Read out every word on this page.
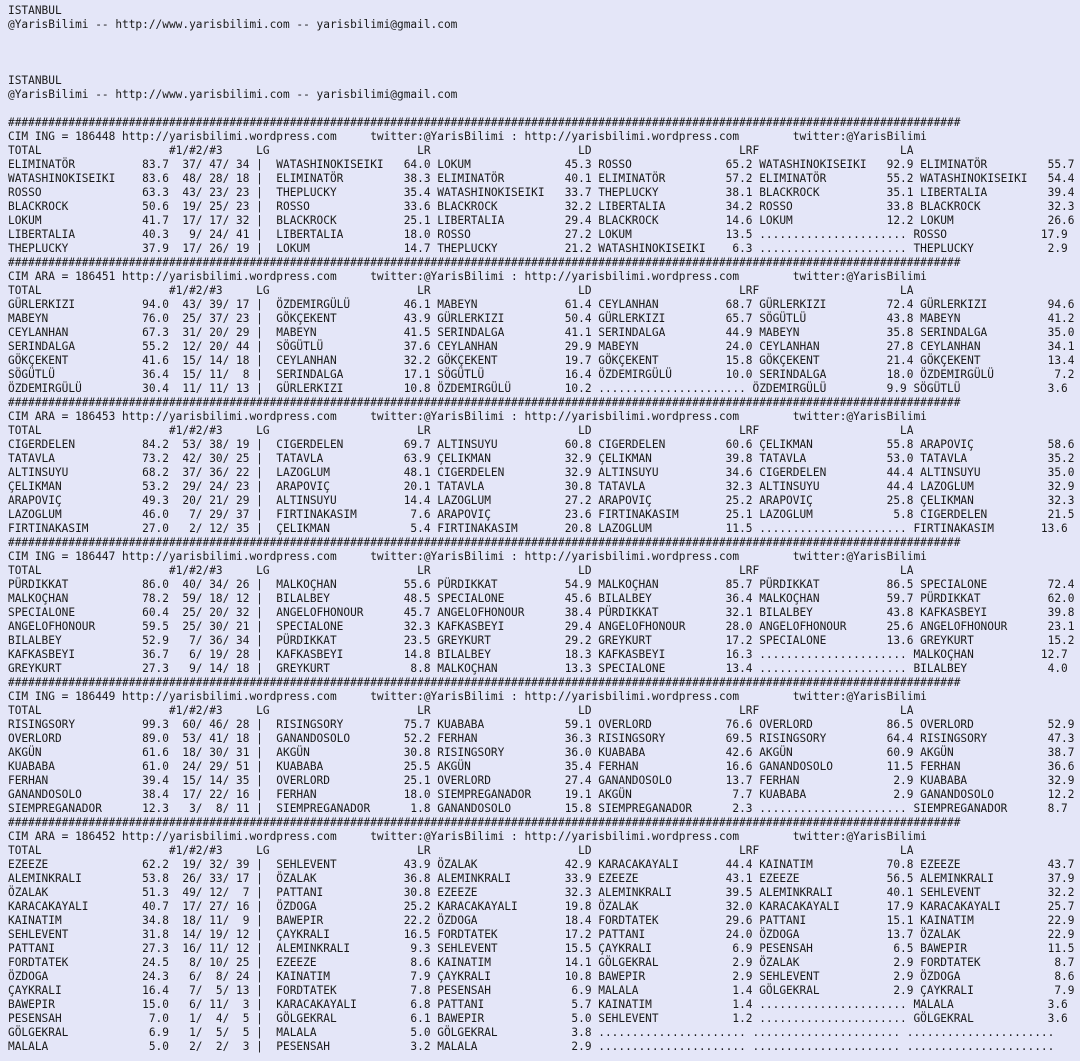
ISTANBUL
@YarisBilimi -- http://www.yarisbilimi.com -- yarisbilimi@gmail.com
ISTANBUL
@YarisBilimi -- http://www.yarisbilimi.com -- yarisbilimi@gmail.com
##############################################################################################################################################
CIM ING = 186448 http://yarisbilimi.wordpress.com     twitter:@YarisBilimi : http://yarisbilimi.wordpress.com        twitter:@YarisBilimi
TOTAL                   #1/#2/#3     LG                      LR                      LD                      LRF                     LA
ELIMINATÖR          83.7  37/ 47/ 34 |  WATASHINOKISEIKI   64.0 LOKUM              45.3 ROSSO              65.2 WATASHINOKISEIKI   92.9 ELIMINATÖR         55.7
WATASHINOKISEIKI    83.6  48/ 28/ 18 |  ELIMINATÖR         38.3 ELIMINATÖR         40.1 ELIMINATÖR         57.2 ELIMINATÖR         55.2 WATASHINOKISEIKI   54.4
ROSSO               63.3  43/ 23/ 23 |  THEPLUCKY          35.4 WATASHINOKISEIKI   33.7 THEPLUCKY          38.1 BLACKROCK          35.1 LIBERTALIA         39.4
BLACKROCK           50.6  19/ 25/ 23 |  ROSSO              33.6 BLACKROCK          32.2 LIBERTALIA         34.2 ROSSO              33.8 BLACKROCK          32.3
LOKUM               41.7  17/ 17/ 32 |  BLACKROCK          25.1 LIBERTALIA         29.4 BLACKROCK          14.6 LOKUM              12.2 LOKUM              26.6
LIBERTALIA          40.3   9/ 24/ 41 |  LIBERTALIA         18.0 ROSSO              27.2 LOKUM              13.5 ...................... ROSSO              17.9
THEPLUCKY           37.9  17/ 26/ 19 |  LOKUM              14.7 THEPLUCKY          21.2 WATASHINOKISEIKI    6.3 ...................... THEPLUCKY           2.9
##############################################################################################################################################
CIM ARA = 186451 http://yarisbilimi.wordpress.com     twitter:@YarisBilimi : http://yarisbilimi.wordpress.com        twitter:@YarisBilimi
TOTAL                   #1/#2/#3     LG                      LR                      LD                      LRF                     LA
GÜRLERKIZI          94.0  43/ 39/ 17 |  ÖZDEMIRGÜLÜ        46.1 MABEYN             61.4 CEYLANHAN          68.7 GÜRLERKIZI         72.4 GÜRLERKIZI         94.6
MABEYN              76.0  25/ 37/ 23 |  GÖKÇEKENT          43.9 GÜRLERKIZI         50.4 GÜRLERKIZI         65.7 SÖGÜTLÜ            43.8 MABEYN             41.2
CEYLANHAN           67.3  31/ 20/ 29 |  MABEYN             41.5 SERINDALGA         41.1 SERINDALGA         44.9 MABEYN             35.8 SERINDALGA         35.0
SERINDALGA          55.2  12/ 20/ 44 |  SÖGÜTLÜ            37.6 CEYLANHAN          29.9 MABEYN             24.0 CEYLANHAN          27.8 CEYLANHAN          34.1
GÖKÇEKENT           41.6  15/ 14/ 18 |  CEYLANHAN          32.2 GÖKÇEKENT          19.7 GÖKÇEKENT          15.8 GÖKÇEKENT          21.4 GÖKÇEKENT          13.4
SÖGÜTLÜ             36.4  15/ 11/  8 |  SERINDALGA         17.1 SÖGÜTLÜ            16.4 ÖZDEMIRGÜLÜ        10.0 SERINDALGA         18.0 ÖZDEMIRGÜLÜ         7.2
ÖZDEMIRGÜLÜ         30.4  11/ 11/ 13 |  GÜRLERKIZI         10.8 ÖZDEMIRGÜLÜ        10.2 ...................... ÖZDEMIRGÜLÜ         9.9 SÖGÜTLÜ             3.6
##############################################################################################################################################
CIM ARA = 186453 http://yarisbilimi.wordpress.com     twitter:@YarisBilimi : http://yarisbilimi.wordpress.com        twitter:@YarisBilimi
TOTAL                   #1/#2/#3     LG                      LR                      LD                      LRF                     LA
CIGERDELEN          84.2  53/ 38/ 19 |  CIGERDELEN         69.7 ALTINSUYU          60.8 CIGERDELEN         60.6 ÇELIKMAN           55.8 ARAPOVIÇ           58.6
TATAVLA             73.2  42/ 30/ 25 |  TATAVLA            63.9 ÇELIKMAN           32.9 ÇELIKMAN           39.8 TATAVLA            53.0 TATAVLA            35.2
ALTINSUYU           68.2  37/ 36/ 22 |  LAZOGLUM           48.1 CIGERDELEN         32.9 ALTINSUYU          34.6 CIGERDELEN         44.4 ALTINSUYU          35.0
ÇELIKMAN            53.2  29/ 24/ 23 |  ARAPOVIÇ           20.1 TATAVLA            30.8 TATAVLA            32.3 ALTINSUYU          44.4 LAZOGLUM           32.9
ARAPOVIÇ            49.3  20/ 21/ 29 |  ALTINSUYU          14.4 LAZOGLUM           27.2 ARAPOVIÇ           25.2 ARAPOVIÇ           25.8 ÇELIKMAN           32.3
LAZOGLUM            46.0   7/ 29/ 37 |  FIRTINAKASIM        7.6 ARAPOVIÇ           23.6 FIRTINAKASIM       25.1 LAZOGLUM            5.8 CIGERDELEN         21.5
FIRTINAKASIM        27.0   2/ 12/ 35 |  ÇELIKMAN            5.4 FIRTINAKASIM       20.8 LAZOGLUM           11.5 ...................... FIRTINAKASIM       13.6
##############################################################################################################################################
CIM ING = 186447 http://yarisbilimi.wordpress.com     twitter:@YarisBilimi : http://yarisbilimi.wordpress.com        twitter:@YarisBilimi
TOTAL                   #1/#2/#3     LG                      LR                      LD                      LRF                     LA
PÜRDIKKAT           86.0  40/ 34/ 26 |  MALKOÇHAN          55.6 PÜRDIKKAT          54.9 MALKOÇHAN          85.7 PÜRDIKKAT          86.5 SPECIALONE         72.4
MALKOÇHAN           78.2  59/ 18/ 12 |  BILALBEY           48.5 SPECIALONE         45.6 BILALBEY           36.4 MALKOÇHAN          59.7 PÜRDIKKAT          62.0
SPECIALONE          60.4  25/ 20/ 32 |  ANGELOFHONOUR      45.7 ANGELOFHONOUR      38.4 PÜRDIKKAT          32.1 BILALBEY           43.8 KAFKASBEYI         39.8
ANGELOFHONOUR       59.5  25/ 30/ 21 |  SPECIALONE         32.3 KAFKASBEYI         29.4 ANGELOFHONOUR      28.0 ANGELOFHONOUR      25.6 ANGELOFHONOUR      23.1
BILALBEY            52.9   7/ 36/ 34 |  PÜRDIKKAT          23.5 GREYKURT           29.2 GREYKURT           17.2 SPECIALONE         13.6 GREYKURT           15.2
KAFKASBEYI          36.7   6/ 19/ 28 |  KAFKASBEYI         14.8 BILALBEY           18.3 KAFKASBEYI         16.3 ...................... MALKOÇHAN          12.7
GREYKURT            27.3   9/ 14/ 18 |  GREYKURT            8.8 MALKOÇHAN          13.3 SPECIALONE         13.4 ...................... BILALBEY            4.0
##############################################################################################################################################
CIM ING = 186449 http://yarisbilimi.wordpress.com     twitter:@YarisBilimi : http://yarisbilimi.wordpress.com        twitter:@YarisBilimi
TOTAL                   #1/#2/#3     LG                      LR                      LD                      LRF                     LA
RISINGSORY          99.3  60/ 46/ 28 |  RISINGSORY         75.7 KUABABA            59.1 OVERLORD           76.6 OVERLORD           86.5 OVERLORD           52.9
OVERLORD            89.0  53/ 41/ 18 |  GANANDOSOLO        52.2 FERHAN             36.3 RISINGSORY         69.5 RISINGSORY         64.4 RISINGSORY         47.3
AKGÜN               61.6  18/ 30/ 31 |  AKGÜN              30.8 RISINGSORY         36.0 KUABABA            42.6 AKGÜN              60.9 AKGÜN              38.7
KUABABA             61.0  24/ 29/ 51 |  KUABABA            25.5 AKGÜN              35.4 FERHAN             16.6 GANANDOSOLO        11.5 FERHAN             36.6
FERHAN              39.4  15/ 14/ 35 |  OVERLORD           25.1 OVERLORD           27.4 GANANDOSOLO        13.7 FERHAN              2.9 KUABABA            32.9
GANANDOSOLO         38.4  17/ 22/ 16 |  FERHAN             18.0 SIEMPREGANADOR     19.1 AKGÜN               7.7 KUABABA             2.9 GANANDOSOLO        12.2
SIEMPREGANADOR      12.3   3/  8/ 11 |  SIEMPREGANADOR      1.8 GANANDOSOLO        15.8 SIEMPREGANADOR      2.3 ...................... SIEMPREGANADOR      8.7
##############################################################################################################################################
CIM ARA = 186452 http://yarisbilimi.wordpress.com     twitter:@YarisBilimi : http://yarisbilimi.wordpress.com        twitter:@YarisBilimi
TOTAL                   #1/#2/#3     LG                      LR                      LD                      LRF                     LA
EZEEZE              62.2  19/ 32/ 39 |  SEHLEVENT          43.9 ÖZALAK             42.9 KARACAKAYALI       44.4 KAINATIM           70.8 EZEEZE             43.7
ALEMINKRALI         53.8  26/ 33/ 17 |  ÖZALAK             36.8 ALEMINKRALI        33.9 EZEEZE             43.1 EZEEZE             56.5 ALEMINKRALI        37.9
ÖZALAK              51.3  49/ 12/  7 |  PATTANI            30.8 EZEEZE             32.3 ALEMINKRALI        39.5 ALEMINKRALI        40.1 SEHLEVENT          32.2
KARACAKAYALI        40.7  17/ 27/ 16 |  ÖZDOGA             25.2 KARACAKAYALI       19.8 ÖZALAK             32.0 KARACAKAYALI       17.9 KARACAKAYALI       25.7
KAINATIM            34.8  18/ 11/  9 |  BAWEPIR            22.2 ÖZDOGA             18.4 FORDTATEK          29.6 PATTANI            15.1 KAINATIM           22.9
SEHLEVENT           31.8  14/ 19/ 12 |  ÇAYKRALI           16.5 FORDTATEK          17.2 PATTANI            24.0 ÖZDOGA             13.7 ÖZALAK             22.9
PATTANI             27.3  16/ 11/ 12 |  ALEMINKRALI         9.3 SEHLEVENT          15.5 ÇAYKRALI            6.9 PESENSAH            6.5 BAWEPIR            11.5
FORDTATEK           24.5   8/ 10/ 25 |  EZEEZE              8.6 KAINATIM           14.1 GÖLGEKRAL           2.9 ÖZALAK              2.9 FORDTATEK           8.7
ÖZDOGA              24.3   6/  8/ 24 |  KAINATIM            7.9 ÇAYKRALI           10.8 BAWEPIR             2.9 SEHLEVENT           2.9 ÖZDOGA              8.6
ÇAYKRALI            16.4   7/  5/ 13 |  FORDTATEK           7.8 PESENSAH            6.9 MALALA              1.4 GÖLGEKRAL           2.9 ÇAYKRALI            7.9
BAWEPIR             15.0   6/ 11/  3 |  KARACAKAYALI        6.8 PATTANI             5.7 KAINATIM            1.4 ...................... MALALA              3.6
PESENSAH             7.0   1/  4/  5 |  GÖLGEKRAL           6.1 BAWEPIR             5.0 SEHLEVENT           1.2 ...................... GÖLGEKRAL           3.6
GÖLGEKRAL            6.9   1/  5/  5 |  MALALA              5.0 GÖLGEKRAL           3.8 ...................... ...................... ......................
MALALA               5.0   2/  2/  3 |  PESENSAH            3.2 MALALA              2.9 ...................... ...................... ......................
